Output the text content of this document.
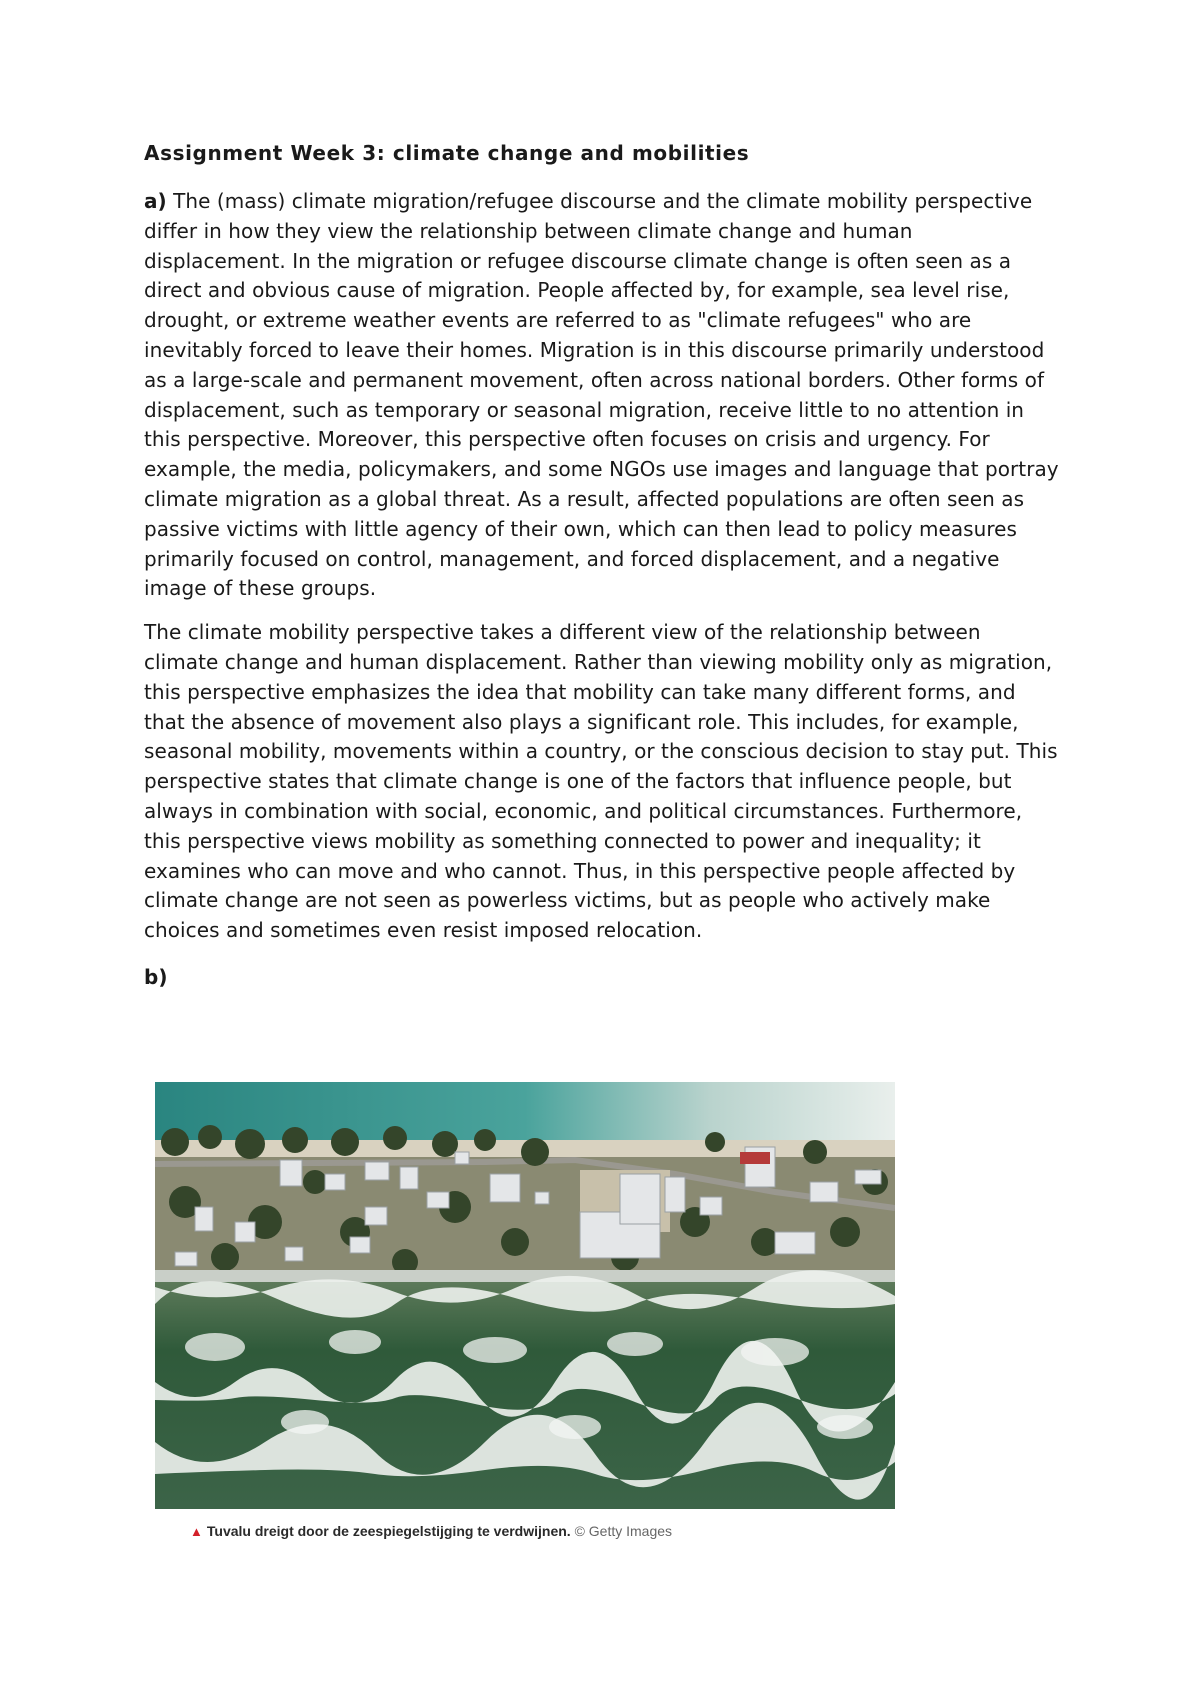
Assignment Week 3: climate change and mobilities

a) The (mass) climate migration/refugee discourse and the climate mobility perspective differ in how they view the relationship between climate change and human displacement. In the migration or refugee discourse climate change is often seen as a direct and obvious cause of migration. People affected by, for example, sea level rise, drought, or extreme weather events are referred to as "climate refugees" who are inevitably forced to leave their homes. Migration is in this discourse primarily understood as a large-scale and permanent movement, often across national borders. Other forms of displacement, such as temporary or seasonal migration, receive little to no attention in this perspective. Moreover, this perspective often focuses on crisis and urgency. For example, the media, policymakers, and some NGOs use images and language that portray climate migration as a global threat. As a result, affected populations are often seen as passive victims with little agency of their own, which can then lead to policy measures primarily focused on control, management, and forced displacement, and a negative image of these groups.

The climate mobility perspective takes a different view of the relationship between climate change and human displacement. Rather than viewing mobility only as migration, this perspective emphasizes the idea that mobility can take many different forms, and that the absence of movement also plays a significant role. This includes, for example, seasonal mobility, movements within a country, or the conscious decision to stay put. This perspective states that climate change is one of the factors that influence people, but always in combination with social, economic, and political circumstances. Furthermore, this perspective views mobility as something connected to power and inequality; it examines who can move and who cannot. Thus, in this perspective people affected by climate change are not seen as powerless victims, but as people who actively make choices and sometimes even resist imposed relocation.

b)
▲ Tuvalu dreigt door de zeespiegelstijging te verdwijnen. © Getty Images
